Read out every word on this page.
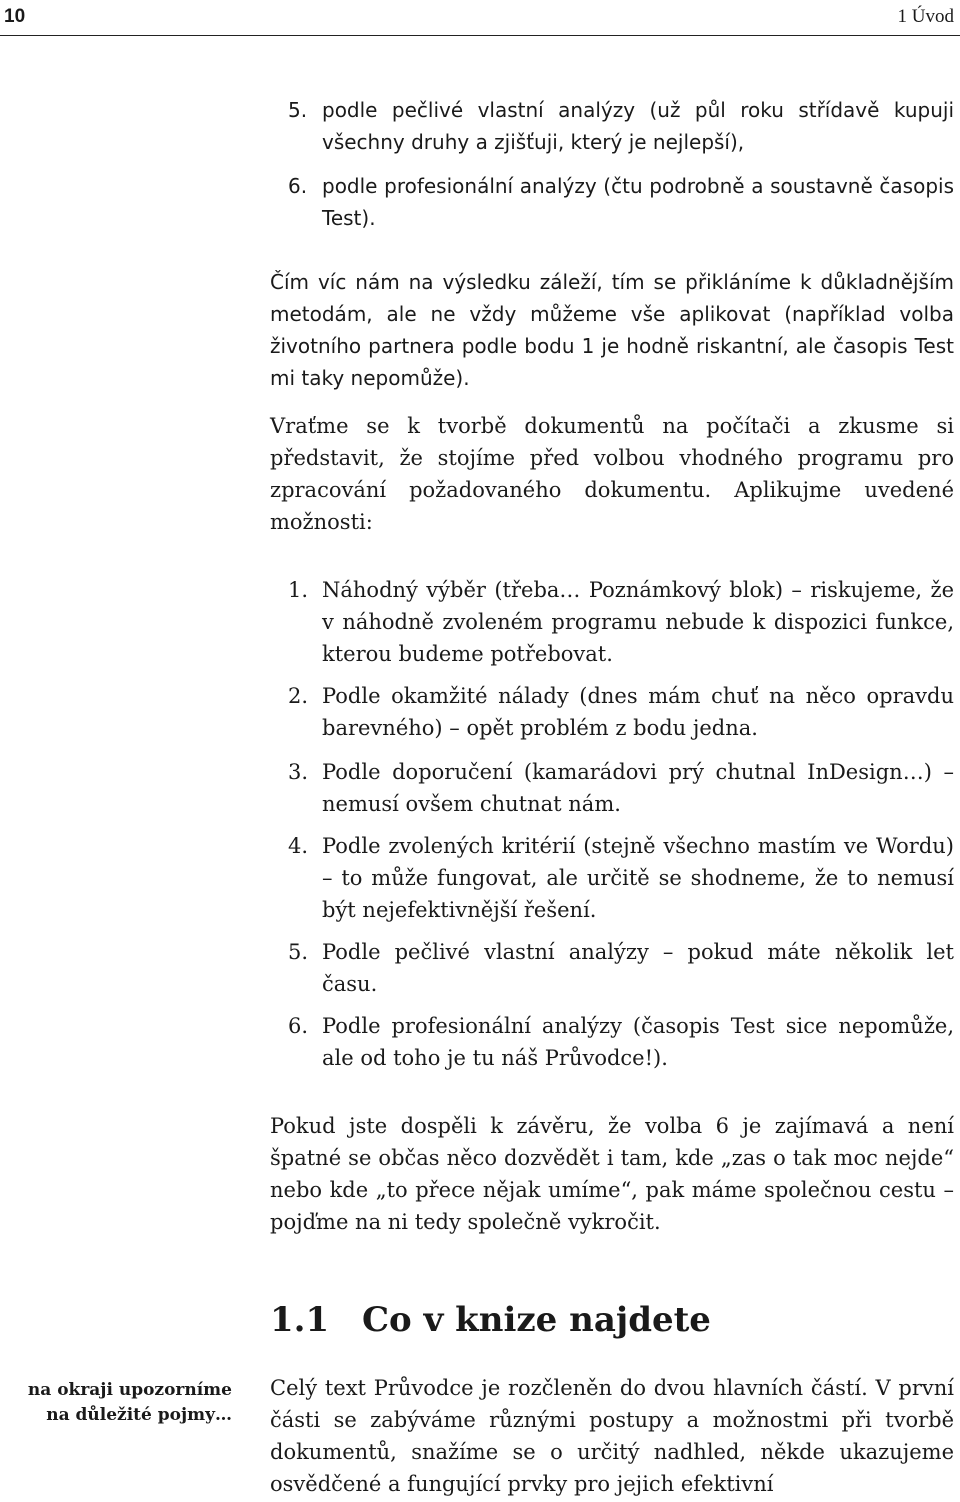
10	1 Úvod
5. podle pečlivé vlastní analýzy (už půl roku střídavě kupuji všechny druhy a zjišťuji, který je nejlepší),
6. podle profesionální analýzy (čtu podrobně a soustavně časopis Test).
Čím víc nám na výsledku záleží, tím se přikláníme k důkladnějším metodám, ale ne vždy můžeme vše aplikovat (například volba životního partnera podle bodu 1 je hodně riskantní, ale časopis Test mi taky nepomůže).
Vraťme se k tvorbě dokumentů na počítači a zkusme si představit, že stojíme před volbou vhodného programu pro zpracování požadovaného dokumentu. Aplikujme uvedené možnosti:
1. Náhodný výběr (třeba… Poznámkový blok) – riskujeme, že v náhodně zvoleném programu nebude k dispozici funkce, kterou budeme potřebovat.
2. Podle okamžité nálady (dnes mám chuť na něco opravdu barevného) – opět problém z bodu jedna.
3. Podle doporučení (kamarádovi prý chutnal InDesign…) – nemusí ovšem chutnat nám.
4. Podle zvolených kritérií (stejně všechno mastím ve Wordu) – to může fungovat, ale určitě se shodneme, že to nemusí být nejefektivnější řešení.
5. Podle pečlivé vlastní analýzy – pokud máte několik let času.
6. Podle profesionální analýzy (časopis Test sice nepomůže, ale od toho je tu náš Průvodce!).
Pokud jste dospěli k závěru, že volba 6 je zajímavá a není špatné se občas něco dozvědět i tam, kde „zas o tak moc nejde“ nebo kde „to přece nějak umíme“, pak máme společnou cestu – pojďme na ni tedy společně vykročit.
1.1 Co v knize najdete
na okraji upozorníme na důležité pojmy…
Celý text Průvodce je rozčleněn do dvou hlavních částí. V první části se zabýváme různými postupy a možnostmi při tvorbě dokumentů, snažíme se o určitý nadhled, někde ukazujeme osvědčené a fungující prvky pro jejich efektivní
